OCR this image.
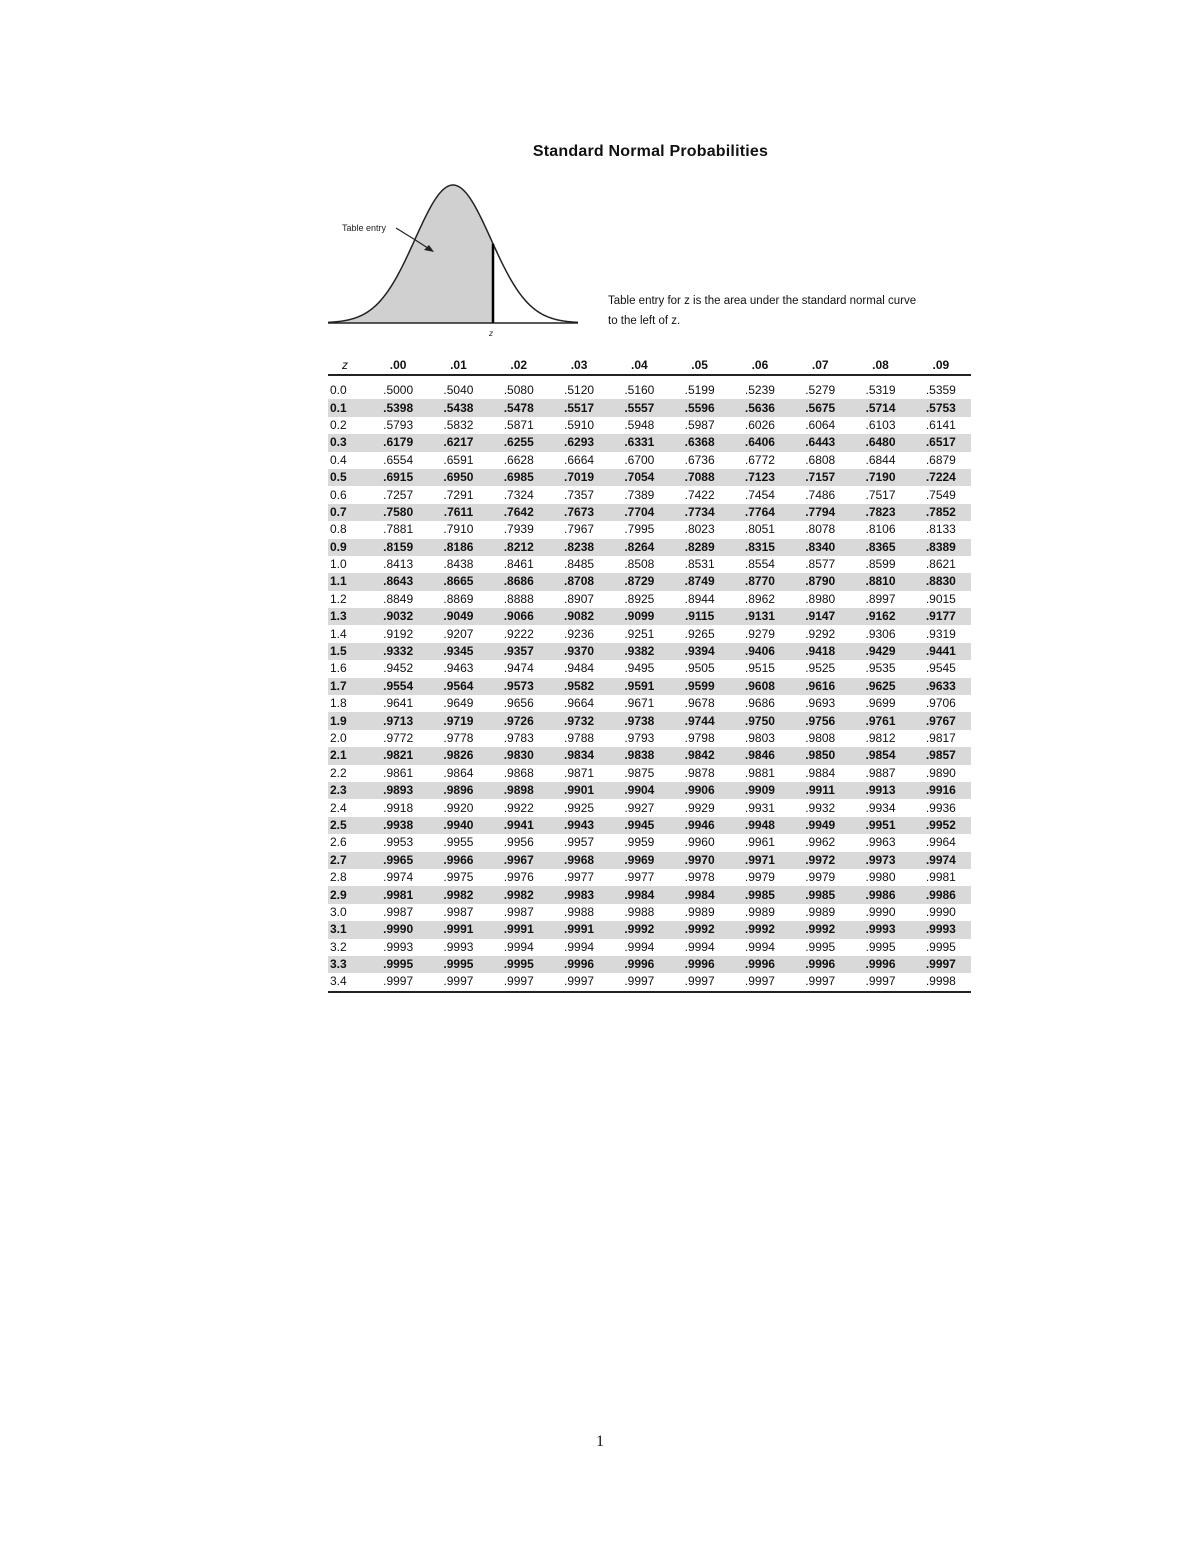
Standard Normal Probabilities
Table entry
z
Table entry for z is the area under the standard normal curve
to the left of z.
z	.00	.01	.02	.03	.04	.05	.06	.07	.08	.09
0.0	.5000	.5040	.5080	.5120	.5160	.5199	.5239	.5279	.5319	.5359
0.1	.5398	.5438	.5478	.5517	.5557	.5596	.5636	.5675	.5714	.5753
0.2	.5793	.5832	.5871	.5910	.5948	.5987	.6026	.6064	.6103	.6141
0.3	.6179	.6217	.6255	.6293	.6331	.6368	.6406	.6443	.6480	.6517
0.4	.6554	.6591	.6628	.6664	.6700	.6736	.6772	.6808	.6844	.6879
0.5	.6915	.6950	.6985	.7019	.7054	.7088	.7123	.7157	.7190	.7224
0.6	.7257	.7291	.7324	.7357	.7389	.7422	.7454	.7486	.7517	.7549
0.7	.7580	.7611	.7642	.7673	.7704	.7734	.7764	.7794	.7823	.7852
0.8	.7881	.7910	.7939	.7967	.7995	.8023	.8051	.8078	.8106	.8133
0.9	.8159	.8186	.8212	.8238	.8264	.8289	.8315	.8340	.8365	.8389
1.0	.8413	.8438	.8461	.8485	.8508	.8531	.8554	.8577	.8599	.8621
1.1	.8643	.8665	.8686	.8708	.8729	.8749	.8770	.8790	.8810	.8830
1.2	.8849	.8869	.8888	.8907	.8925	.8944	.8962	.8980	.8997	.9015
1.3	.9032	.9049	.9066	.9082	.9099	.9115	.9131	.9147	.9162	.9177
1.4	.9192	.9207	.9222	.9236	.9251	.9265	.9279	.9292	.9306	.9319
1.5	.9332	.9345	.9357	.9370	.9382	.9394	.9406	.9418	.9429	.9441
1.6	.9452	.9463	.9474	.9484	.9495	.9505	.9515	.9525	.9535	.9545
1.7	.9554	.9564	.9573	.9582	.9591	.9599	.9608	.9616	.9625	.9633
1.8	.9641	.9649	.9656	.9664	.9671	.9678	.9686	.9693	.9699	.9706
1.9	.9713	.9719	.9726	.9732	.9738	.9744	.9750	.9756	.9761	.9767
2.0	.9772	.9778	.9783	.9788	.9793	.9798	.9803	.9808	.9812	.9817
2.1	.9821	.9826	.9830	.9834	.9838	.9842	.9846	.9850	.9854	.9857
2.2	.9861	.9864	.9868	.9871	.9875	.9878	.9881	.9884	.9887	.9890
2.3	.9893	.9896	.9898	.9901	.9904	.9906	.9909	.9911	.9913	.9916
2.4	.9918	.9920	.9922	.9925	.9927	.9929	.9931	.9932	.9934	.9936
2.5	.9938	.9940	.9941	.9943	.9945	.9946	.9948	.9949	.9951	.9952
2.6	.9953	.9955	.9956	.9957	.9959	.9960	.9961	.9962	.9963	.9964
2.7	.9965	.9966	.9967	.9968	.9969	.9970	.9971	.9972	.9973	.9974
2.8	.9974	.9975	.9976	.9977	.9977	.9978	.9979	.9979	.9980	.9981
2.9	.9981	.9982	.9982	.9983	.9984	.9984	.9985	.9985	.9986	.9986
3.0	.9987	.9987	.9987	.9988	.9988	.9989	.9989	.9989	.9990	.9990
3.1	.9990	.9991	.9991	.9991	.9992	.9992	.9992	.9992	.9993	.9993
3.2	.9993	.9993	.9994	.9994	.9994	.9994	.9994	.9995	.9995	.9995
3.3	.9995	.9995	.9995	.9996	.9996	.9996	.9996	.9996	.9996	.9997
3.4	.9997	.9997	.9997	.9997	.9997	.9997	.9997	.9997	.9997	.9998
1
